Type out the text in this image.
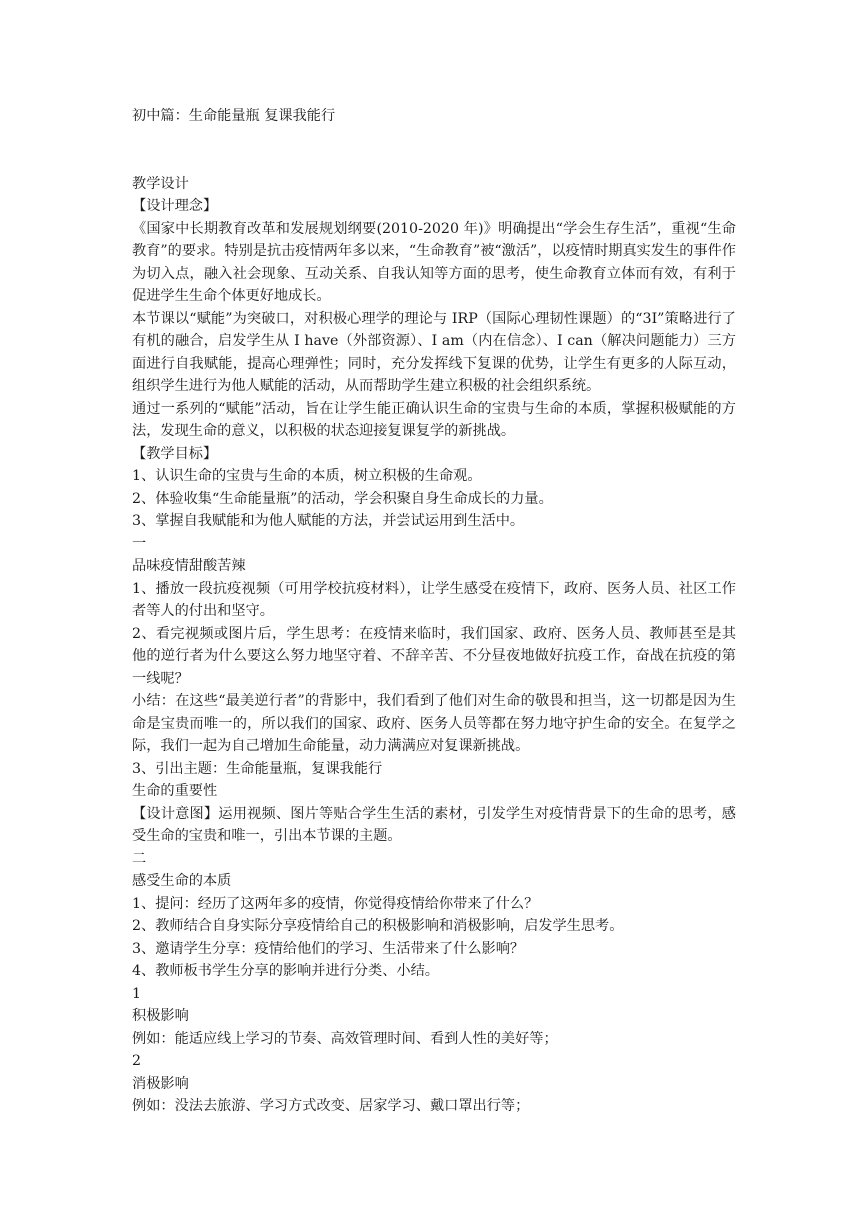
初中篇：生命能量瓶 复课我能行

教学设计

【设计理念】

《国家中长期教育改革和发展规划纲要(2010-2020 年)》明确提出“学会生存生活”，重视“生命教育”的要求。特别是抗击疫情两年多以来，“生命教育”被“激活”，以疫情时期真实发生的事件作为切入点，融入社会现象、互动关系、自我认知等方面的思考，使生命教育立体而有效，有利于促进学生生命个体更好地成长。

本节课以“赋能”为突破口，对积极心理学的理论与 IRP（国际心理韧性课题）的“3I”策略进行了有机的融合，启发学生从 I have（外部资源）、I am（内在信念）、I can（解决问题能力）三方面进行自我赋能，提高心理弹性；同时，充分发挥线下复课的优势，让学生有更多的人际互动，组织学生进行为他人赋能的活动，从而帮助学生建立积极的社会组织系统。

通过一系列的“赋能”活动，旨在让学生能正确认识生命的宝贵与生命的本质，掌握积极赋能的方法，发现生命的意义，以积极的状态迎接复课复学的新挑战。

【教学目标】

1、认识生命的宝贵与生命的本质，树立积极的生命观。

2、体验收集“生命能量瓶”的活动，学会积聚自身生命成长的力量。

3、掌握自我赋能和为他人赋能的方法，并尝试运用到生活中。

一

品味疫情甜酸苦辣

1、播放一段抗疫视频（可用学校抗疫材料），让学生感受在疫情下，政府、医务人员、社区工作者等人的付出和坚守。

2、看完视频或图片后，学生思考：在疫情来临时，我们国家、政府、医务人员、教师甚至是其他的逆行者为什么要这么努力地坚守着、不辞辛苦、不分昼夜地做好抗疫工作，奋战在抗疫的第一线呢？

小结：在这些“最美逆行者”的背影中，我们看到了他们对生命的敬畏和担当，这一切都是因为生命是宝贵而唯一的，所以我们的国家、政府、医务人员等都在努力地守护生命的安全。在复学之际，我们一起为自己增加生命能量，动力满满应对复课新挑战。

3、引出主题：生命能量瓶，复课我能行

生命的重要性

【设计意图】运用视频、图片等贴合学生生活的素材，引发学生对疫情背景下的生命的思考，感受生命的宝贵和唯一，引出本节课的主题。

二

感受生命的本质

1、提问：经历了这两年多的疫情，你觉得疫情给你带来了什么？

2、教师结合自身实际分享疫情给自己的积极影响和消极影响，启发学生思考。

3、邀请学生分享：疫情给他们的学习、生活带来了什么影响？

4、教师板书学生分享的影响并进行分类、小结。

1

积极影响

例如：能适应线上学习的节奏、高效管理时间、看到人性的美好等；

2

消极影响

例如：没法去旅游、学习方式改变、居家学习、戴口罩出行等；
